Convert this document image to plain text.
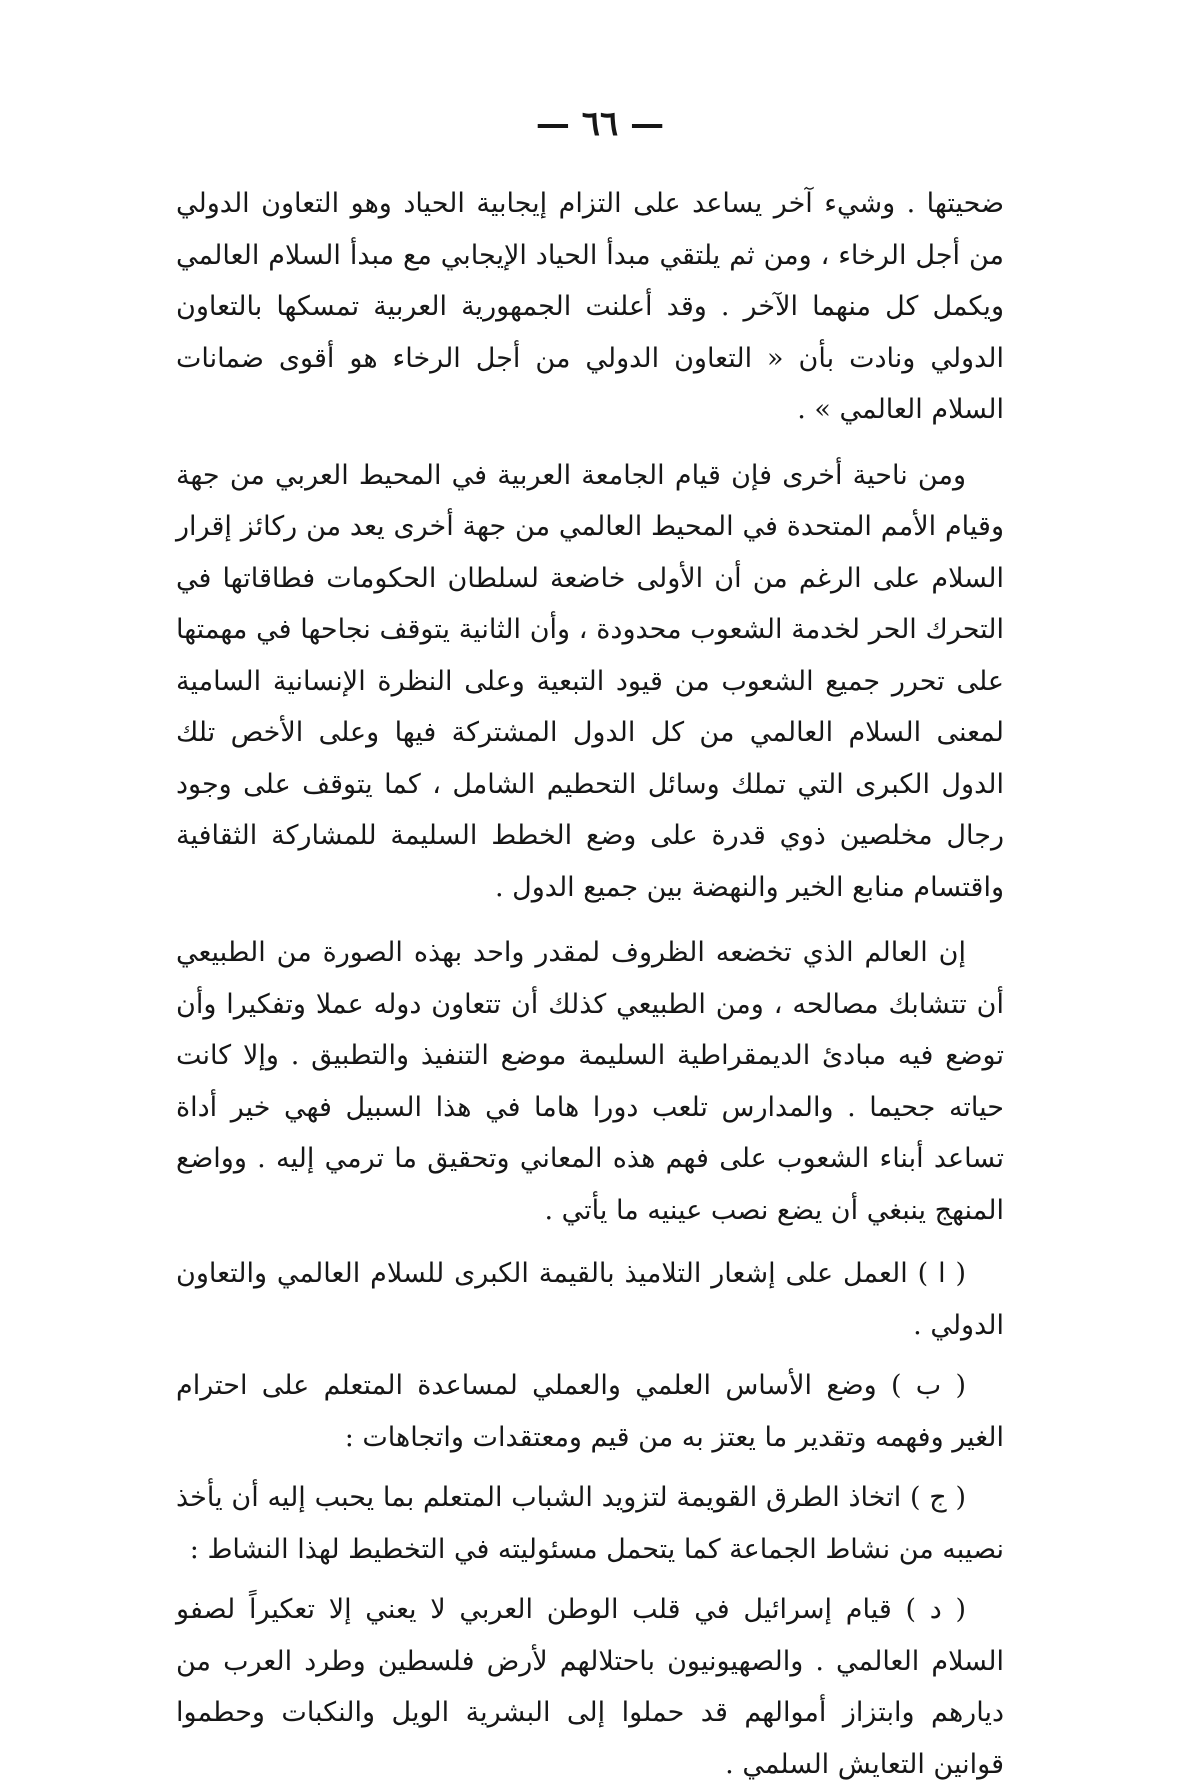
— ٦٦ —

ضحيتها . وشيء آخر يساعد على التزام إيجابية الحياد وهو التعاون الدولي من أجل الرخاء ، ومن ثم يلتقي مبدأ الحياد الإيجابي مع مبدأ السلام العالمي ويكمل كل منهما الآخر . وقد أعلنت الجمهورية العربية تمسكها بالتعاون الدولي ونادت بأن « التعاون الدولي من أجل الرخاء هو أقوى ضمانات السلام العالمي » .

ومن ناحية أخرى فإن قيام الجامعة العربية في المحيط العربي من جهة وقيام الأمم المتحدة في المحيط العالمي من جهة أخرى يعد من ركائز إقرار السلام على الرغم من أن الأولى خاضعة لسلطان الحكومات فطاقاتها في التحرك الحر لخدمة الشعوب محدودة ، وأن الثانية يتوقف نجاحها في مهمتها على تحرر جميع الشعوب من قيود التبعية وعلى النظرة الإنسانية السامية لمعنى السلام العالمي من كل الدول المشتركة فيها وعلى الأخص تلك الدول الكبرى التي تملك وسائل التحطيم الشامل ، كما يتوقف على وجود رجال مخلصين ذوي قدرة على وضع الخطط السليمة للمشاركة الثقافية واقتسام منابع الخير والنهضة بين جميع الدول .

إن العالم الذي تخضعه الظروف لمقدر واحد بهذه الصورة من الطبيعي أن تتشابك مصالحه ، ومن الطبيعي كذلك أن تتعاون دوله عملا وتفكيرا وأن توضع فيه مبادئ الديمقراطية السليمة موضع التنفيذ والتطبيق . وإلا كانت حياته جحيما . والمدارس تلعب دورا هاما في هذا السبيل فهي خير أداة تساعد أبناء الشعوب على فهم هذه المعاني وتحقيق ما ترمي إليه . وواضع المنهج ينبغي أن يضع نصب عينيه ما يأتي .

( ا ) العمل على إشعار التلاميذ بالقيمة الكبرى للسلام العالمي والتعاون الدولي .

( ب ) وضع الأساس العلمي والعملي لمساعدة المتعلم على احترام الغير وفهمه وتقدير ما يعتز به من قيم ومعتقدات واتجاهات :

( ج ) اتخاذ الطرق القويمة لتزويد الشباب المتعلم بما يحبب إليه أن يأخذ نصيبه من نشاط الجماعة كما يتحمل مسئوليته في التخطيط لهذا النشاط :

( د ) قيام إسرائيل في قلب الوطن العربي لا يعني إلا تعكيراً لصفو السلام العالمي . والصهيونيون باحتلالهم لأرض فلسطين وطرد العرب من ديارهم وابتزاز أموالهم قد حملوا إلى البشرية الويل والنكبات وحطموا قوانين التعايش السلمي .
